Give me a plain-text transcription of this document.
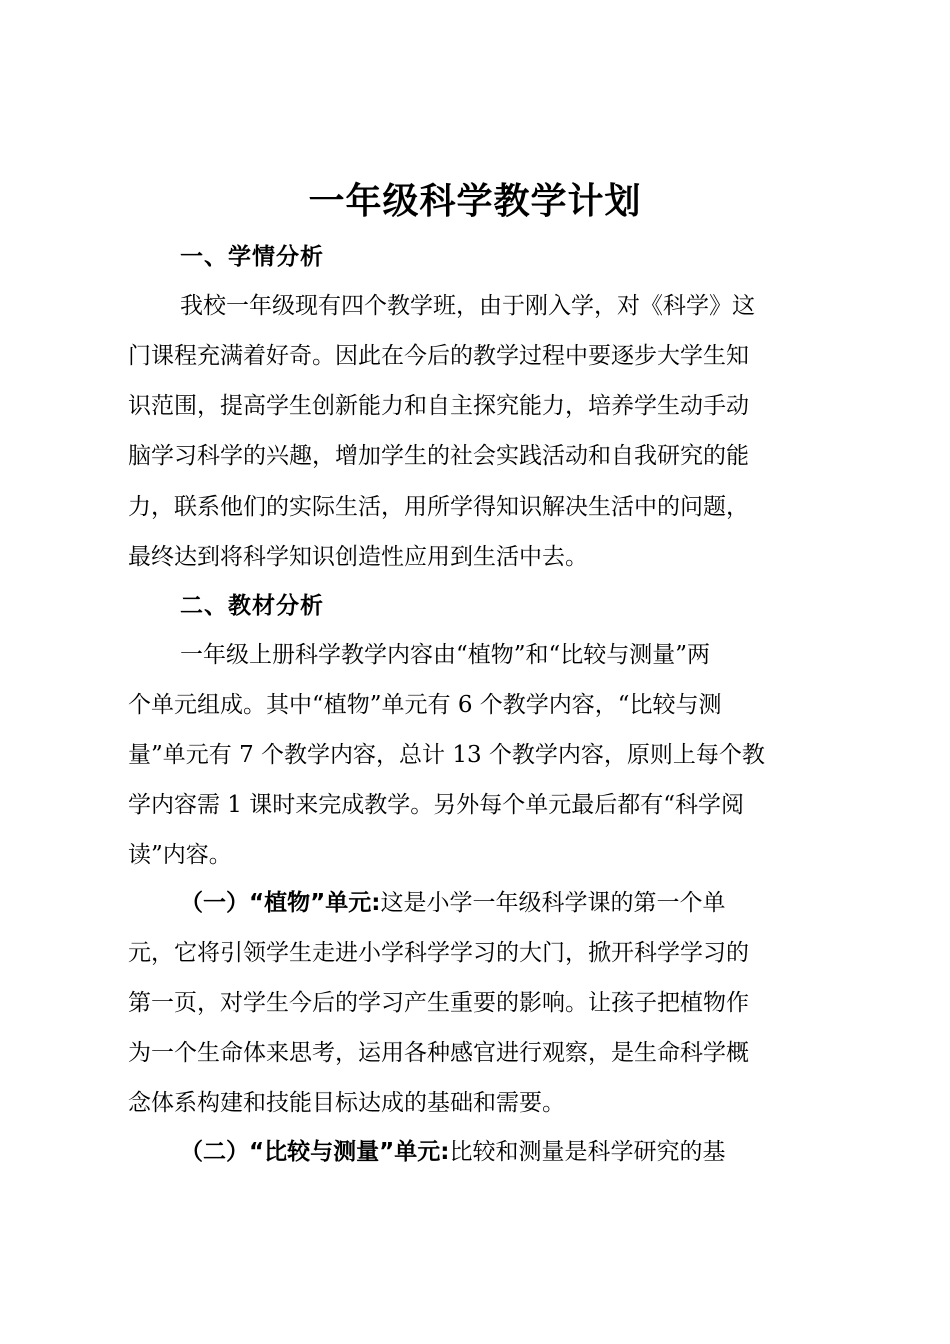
一年级科学教学计划
一、学情分析
我校一年级现有四个教学班，由于刚入学，对《科学》这
门课程充满着好奇。因此在今后的教学过程中要逐步大学生知
识范围，提高学生创新能力和自主探究能力，培养学生动手动
脑学习科学的兴趣，增加学生的社会实践活动和自我研究的能
力，联系他们的实际生活，用所学得知识解决生活中的问题，
最终达到将科学知识创造性应用到生活中去。
二、教材分析
一年级上册科学教学内容由“植物”和“比较与测量”两
个单元组成。其中“植物”单元有 6 个教学内容，“比较与测
量”单元有 7 个教学内容，总计 13 个教学内容，原则上每个教
学内容需 1 课时来完成教学。另外每个单元最后都有“科学阅
读”内容。
（一）“植物”单元:这是小学一年级科学课的第一个单
元，它将引领学生走进小学科学学习的大门，掀开科学学习的
第一页，对学生今后的学习产生重要的影响。让孩子把植物作
为一个生命体来思考，运用各种感官进行观察，是生命科学概
念体系构建和技能目标达成的基础和需要。
（二）“比较与测量”单元:比较和测量是科学研究的基
